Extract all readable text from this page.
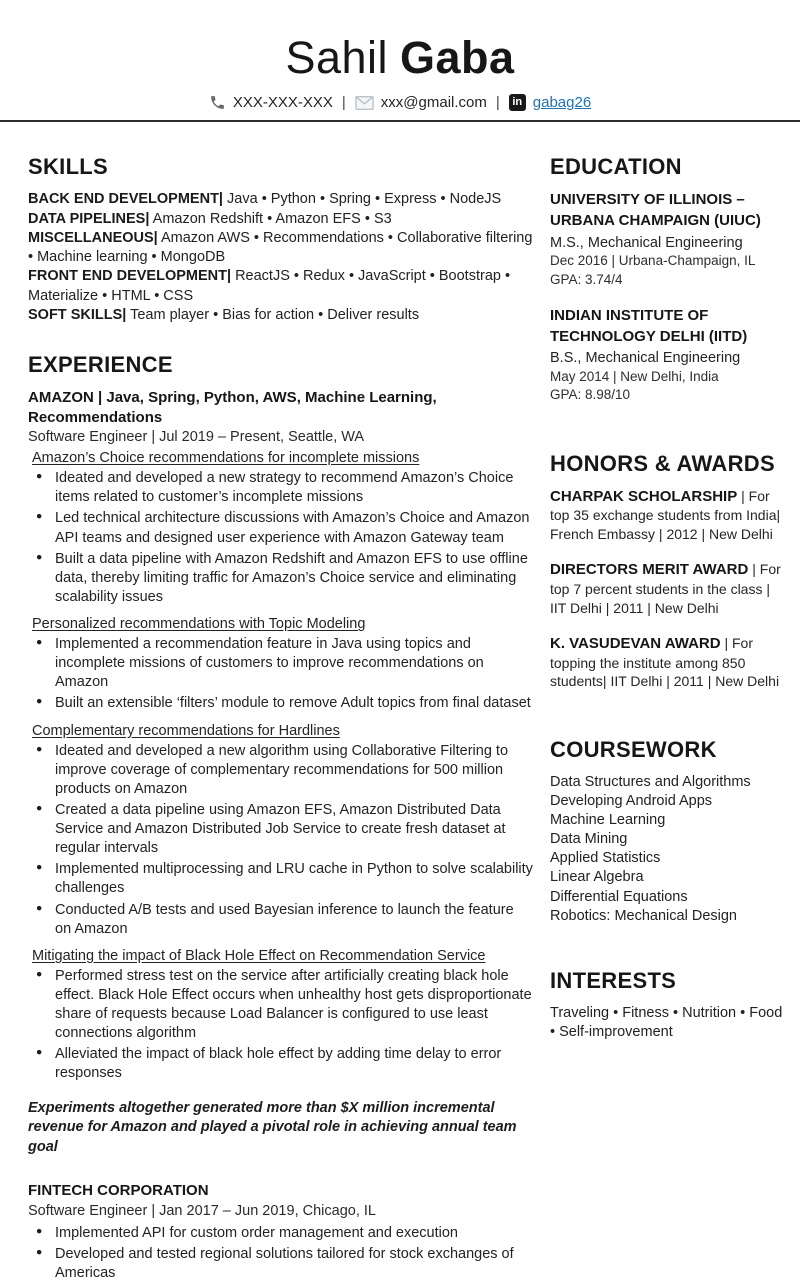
Sahil Gaba
XXX-XXX-XXX | xxx@gmail.com |	in gabag26
SKILLS

BACK END DEVELOPMENT| Java • Python • Spring • Express • NodeJS

DATA PIPELINES| Amazon Redshift • Amazon EFS • S3

MISCELLANEOUS| Amazon AWS • Recommendations • Collaborative filtering • Machine learning • MongoDB

FRONT END DEVELOPMENT| ReactJS • Redux • JavaScript • Bootstrap • Materialize • HTML • CSS

SOFT SKILLS| Team player • Bias for action • Deliver results

EXPERIENCE
AMAZON | Java, Spring, Python, AWS, Machine Learning, Recommendations
Software Engineer | Jul 2019 – Present, Seattle, WA
Amazon’s Choice recommendations for incomplete missions
● Ideated and developed a new strategy to recommend Amazon’s Choice items related to customer’s incomplete missions
● Led technical architecture discussions with Amazon’s Choice and Amazon API teams and designed user experience with Amazon Gateway team
● Built a data pipeline with Amazon Redshift and Amazon EFS to use offline data, thereby limiting traffic for Amazon’s Choice service and eliminating scalability issues
Personalized recommendations with Topic Modeling
● Implemented a recommendation feature in Java using topics and incomplete missions of customers to improve recommendations on Amazon
● Built an extensible ‘filters’ module to remove Adult topics from final dataset
Complementary recommendations for Hardlines
● Ideated and developed a new algorithm using Collaborative Filtering to improve coverage of complementary recommendations for 500 million products on Amazon
● Created a data pipeline using Amazon EFS, Amazon Distributed Data Service and Amazon Distributed Job Service to create fresh dataset at regular intervals
● Implemented multiprocessing and LRU cache in Python to solve scalability challenges
● Conducted A/B tests and used Bayesian inference to launch the feature on Amazon
Mitigating the impact of Black Hole Effect on Recommendation Service
● Performed stress test on the service after artificially creating black hole effect. Black Hole Effect occurs when unhealthy host gets disproportionate share of requests because Load Balancer is configured to use least connections algorithm
● Alleviated the impact of black hole effect by adding time delay to error responses
Experiments altogether generated more than $X million incremental revenue for Amazon and played a pivotal role in achieving annual team goal
FINTECH CORPORATION
Software Engineer | Jan 2017 – Jun 2019, Chicago, IL
● Implemented API for custom order management and execution
● Developed and tested regional solutions tailored for stock exchanges of Americas
EDUCATION
UNIVERSITY OF ILLINOIS – URBANA CHAMPAIGN (UIUC)
M.S., Mechanical Engineering
Dec 2016 | Urbana-Champaign, IL
GPA: 3.74/4
INDIAN INSTITUTE OF TECHNOLOGY DELHI (IITD)
B.S., Mechanical Engineering
May 2014 | New Delhi, India
GPA: 8.98/10
HONORS & AWARDS

CHARPAK SCHOLARSHIP | For top 35 exchange students from India| French Embassy | 2012 | New Delhi

DIRECTORS MERIT AWARD | For top 7 percent students in the class | IIT Delhi | 2011 | New Delhi

K. VASUDEVAN AWARD | For topping the institute among 850 students| IIT Delhi | 2011 | New Delhi

COURSEWORK

Data Structures and Algorithms

Developing Android Apps

Machine Learning

Data Mining

Applied Statistics

Linear Algebra

Differential Equations

Robotics: Mechanical Design

INTERESTS

Traveling • Fitness • Nutrition • Food • Self-improvement
